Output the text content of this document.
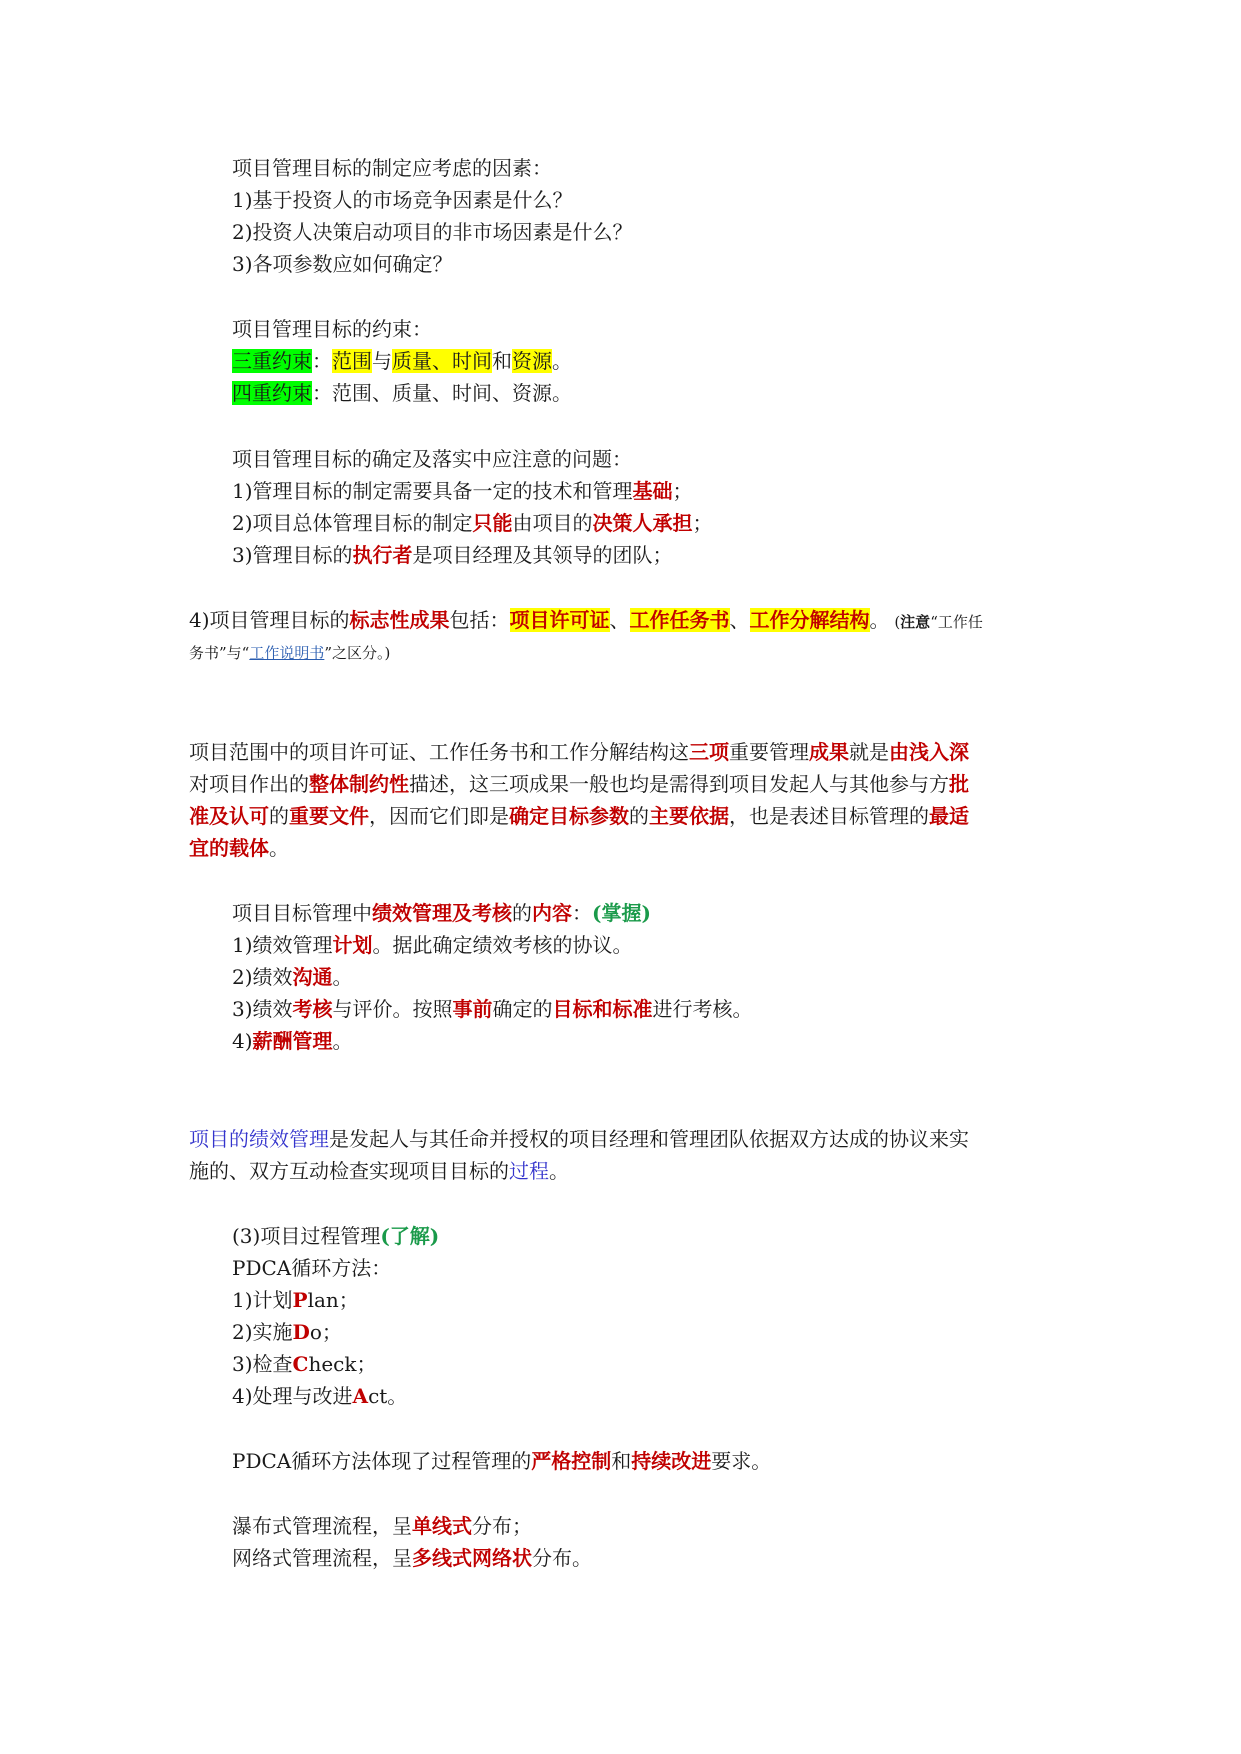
项目管理目标的制定应考虑的因素：

1)基于投资人的市场竞争因素是什么？

2)投资人决策启动项目的非市场因素是什么？

3)各项参数应如何确定？

项目管理目标的约束：

三重约束：范围与质量、时间和资源。

四重约束：范围、质量、时间、资源。

项目管理目标的确定及落实中应注意的问题：

1)管理目标的制定需要具备一定的技术和管理基础；

2)项目总体管理目标的制定只能由项目的决策人承担；

3)管理目标的执行者是项目经理及其领导的团队；

4)项目管理目标的标志性成果包括：项目许可证、工作任务书、工作分解结构。 (注意“工作任

务书”与“工作说明书”之区分。)

项目范围中的项目许可证、工作任务书和工作分解结构这三项重要管理成果就是由浅入深

对项目作出的整体制约性描述，这三项成果一般也均是需得到项目发起人与其他参与方批

准及认可的重要文件，因而它们即是确定目标参数的主要依据，也是表述目标管理的最适

宜的载体。

项目目标管理中绩效管理及考核的内容：(掌握)

1)绩效管理计划。据此确定绩效考核的协议。

2)绩效沟通。

3)绩效考核与评价。按照事前确定的目标和标准进行考核。

4)薪酬管理。

项目的绩效管理是发起人与其任命并授权的项目经理和管理团队依据双方达成的协议来实

施的、双方互动检查实现项目目标的过程。

(3)项目过程管理(了解)

PDCA循环方法：

1)计划Plan；

2)实施Do；

3)检查Check；

4)处理与改进Act。

PDCA循环方法体现了过程管理的严格控制和持续改进要求。

瀑布式管理流程，呈单线式分布；

网络式管理流程，呈多线式网络状分布。
